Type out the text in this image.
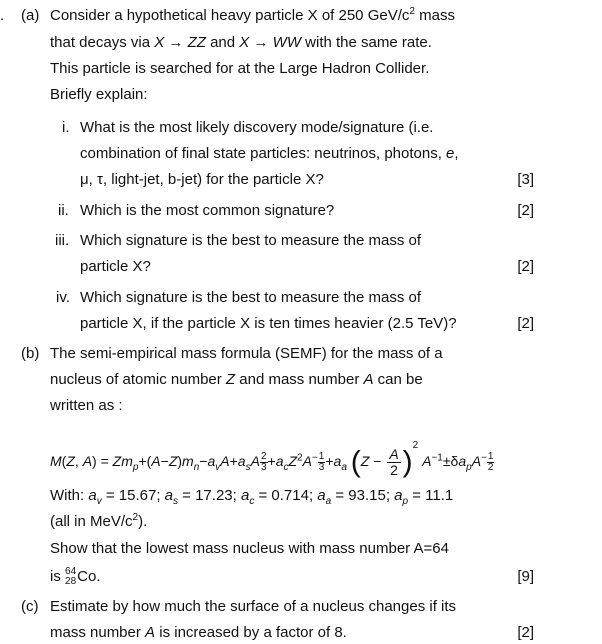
. (a) Consider a hypothetical heavy particle X of 250 GeV/$c^2$ mass
that decays via X → ZZ and X → WW with the same rate.
This particle is searched for at the Large Hadron Collider.
Briefly explain:
i. What is the most likely discovery mode/signature (i.e.
combination of final state particles: neutrinos, photons, e,
μ, τ, light-jet, b-jet) for the particle X?	[3]
ii. Which is the most common signature?	[2]
iii. Which signature is the best to measure the mass of
particle X?	[2]
iv. Which signature is the best to measure the mass of
particle X, if the particle X is ten times heavier (2.5 TeV)?	[2]
(b) The semi-empirical mass formula (SEMF) for the mass of a
nucleus of atomic number Z and mass number A can be
written as :
M(Z, $A) = Zm_p+(A-Z)m_n-a_vA+a_sA \frac{2}{3} +a_cZ^2A^- \frac{1}{3} +a_a$ $(Z - \frac{A}{2} )^2$ $A^{-1}\pm\delta a_pA^- \frac{1}{2}$
With: $a_v = 15.67$; $a_s = 17.23$; $a_c = 0.714$; $a_a = 93.15$; $a_p = 11.1$
(all in MeV/$c^2$).
Show that the lowest mass nucleus with mass number A=64
is 64
28 Co.	[9]
(c) Estimate by how much the surface of a nucleus changes if its
mass number A is increased by a factor of 8.	[2]
